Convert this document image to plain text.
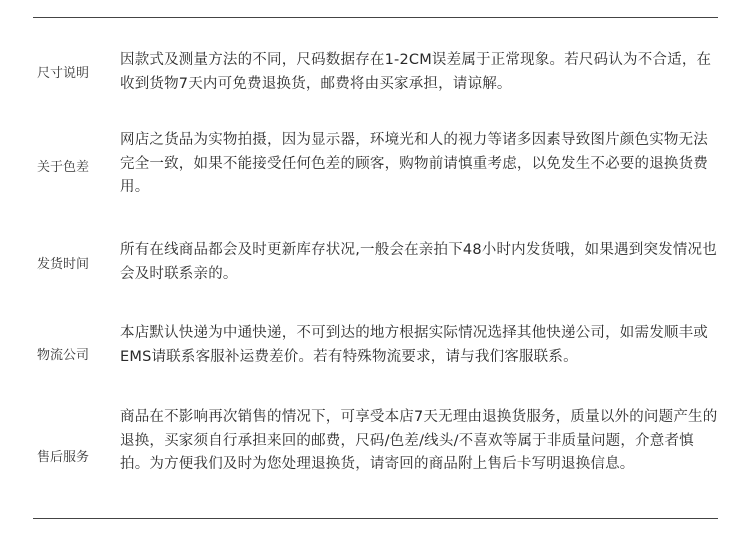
尺寸说明
因款式及测量方法的不同，尺码数据存在1-2CM误差属于正常现象。若尺码认为不合适，在收到货物7天内可免费退换货，邮费将由买家承担，请谅解。
关于色差
网店之货品为实物拍摄，因为显示器，环境光和人的视力等诸多因素导致图片颜色实物无法完全一致，如果不能接受任何色差的顾客，购物前请慎重考虑，以免发生不必要的退换货费用。
发货时间
所有在线商品都会及时更新库存状况,一般会在亲拍下48小时内发货哦，如果遇到突发情况也会及时联系亲的。
物流公司
本店默认快递为中通快递，不可到达的地方根据实际情况选择其他快递公司，如需发顺丰或EMS请联系客服补运费差价。若有特殊物流要求，请与我们客服联系。
售后服务
商品在不影响再次销售的情况下，可享受本店7天无理由退换货服务，质量以外的问题产生的退换，买家须自行承担来回的邮费，尺码/色差/线头/不喜欢等属于非质量问题，介意者慎拍。为方便我们及时为您处理退换货，请寄回的商品附上售后卡写明退换信息。
